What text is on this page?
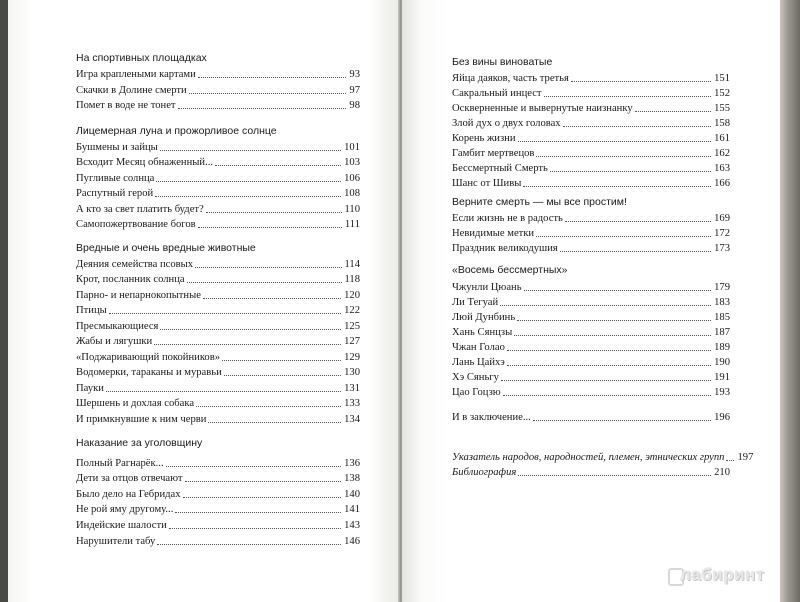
На спортивных площадках
Игра краплеными картами	93
Скачки в Долине смерти	97
Помет в воде не тонет	98
Лицемерная луна и прожорливое солнце
Бушмены и зайцы	101
Всходит Месяц обнаженный...	103
Пугливые солнца	106
Распутный герой	108
А кто за свет платить будет?	110
Самопожертвование богов	111
Вредные и очень вредные животные
Деяния семейства псовых	114
Крот, посланник солнца	118
Парно- и непарнокопытные	120
Птицы	122
Пресмыкающиеся	125
Жабы и лягушки	127
«Поджаривающий покойников»	129
Водомерки, тараканы и муравьи	130
Пауки	131
Шершень и дохлая собака	133
И примкнувшие к ним черви	134
Наказание за уголовщину
Полный Рагнарёк...	136
Дети за отцов отвечают	138
Было дело на Гебридах	140
Не рой яму другому...	141
Индейские шалости	143
Нарушители табу	146
Без вины виноватые
Яйца даяков, часть третья	151
Сакральный инцест	152
Оскверненные и вывернутые наизнанку	155
Злой дух о двух головах	158
Корень жизни	161
Гамбит мертвецов	162
Бессмертный Смерть	163
Шанс от Шивы	166
Верните смерть — мы все простим!
Если жизнь не в радость	169
Невидимые метки	172
Праздник великодушия	173
«Восемь бессмертных»
Чжунли Цюань	179
Ли Тегуай	183
Люй Дунбинь	185
Хань Сянцзы	187
Чжан Голао	189
Лань Цайхэ	190
Хэ Сяньгу	191
Цао Гоцзю	193
И в заключение...	196
Указатель народов, народностей, племен, этнических групп 197
Библиография	210
лабиринт
